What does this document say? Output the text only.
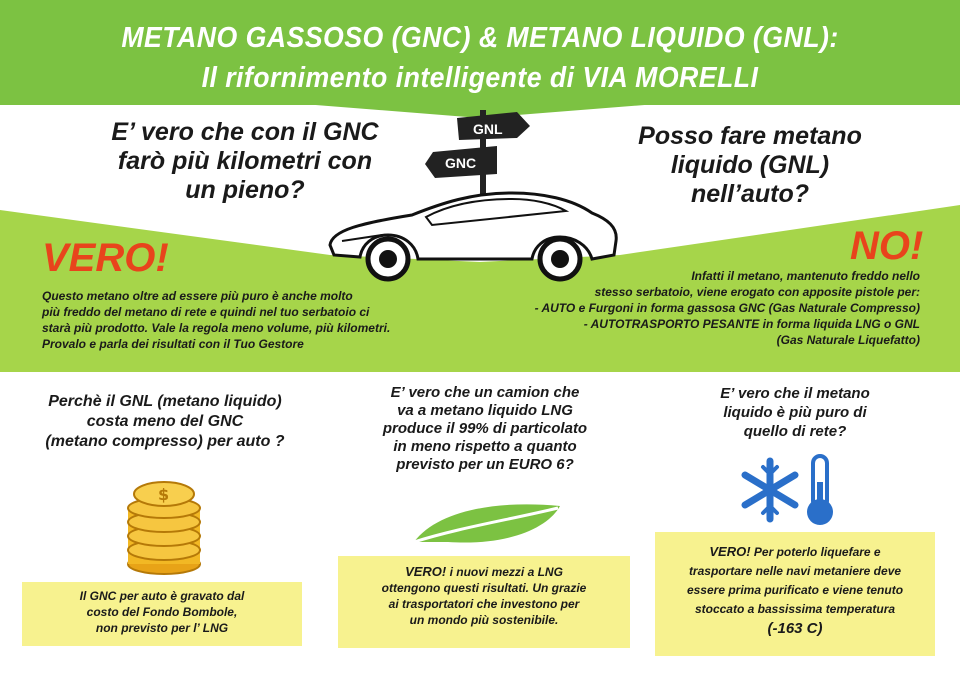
METANO GASSOSO (GNC) & METANO LIQUIDO (GNL):
Il rifornimento intelligente di VIA MORELLI
GNL
GNC
E’ vero che con il GNC
farò più kilometri con
un pieno?
VERO!
Questo metano oltre ad essere più puro è anche molto
più freddo del metano di rete e quindi nel tuo serbatoio ci
starà più prodotto. Vale la regola meno volume, più kilometri.
Provalo e parla dei risultati con il Tuo Gestore
Posso fare metano
liquido (GNL)
nell’auto?
NO!
Infatti il metano, mantenuto freddo nello
stesso serbatoio, viene erogato con apposite pistole per:
- AUTO e Furgoni in forma gassosa GNC (Gas Naturale Compresso)
- AUTOTRASPORTO PESANTE in forma liquida LNG o GNL
(Gas Naturale Liquefatto)
Perchè il GNL (metano liquido)
costa meno del GNC
(metano compresso) per auto ?
$
Il GNC per auto è gravato dal
costo del Fondo Bombole,
non previsto per l’ LNG
E’ vero che un camion che
va a metano liquido LNG
produce il 99% di particolato
in meno rispetto a quanto
previsto per un EURO 6?
VERO! i nuovi mezzi a LNG
ottengono questi risultati. Un grazie
ai trasportatori che investono per
un mondo più sostenibile.
E’ vero che il metano
liquido è più puro di
quello di rete?
VERO! Per poterlo liquefare e
trasportare nelle navi metaniere deve
essere prima purificato e viene tenuto
stoccato a bassissima temperatura
(-163 C)
